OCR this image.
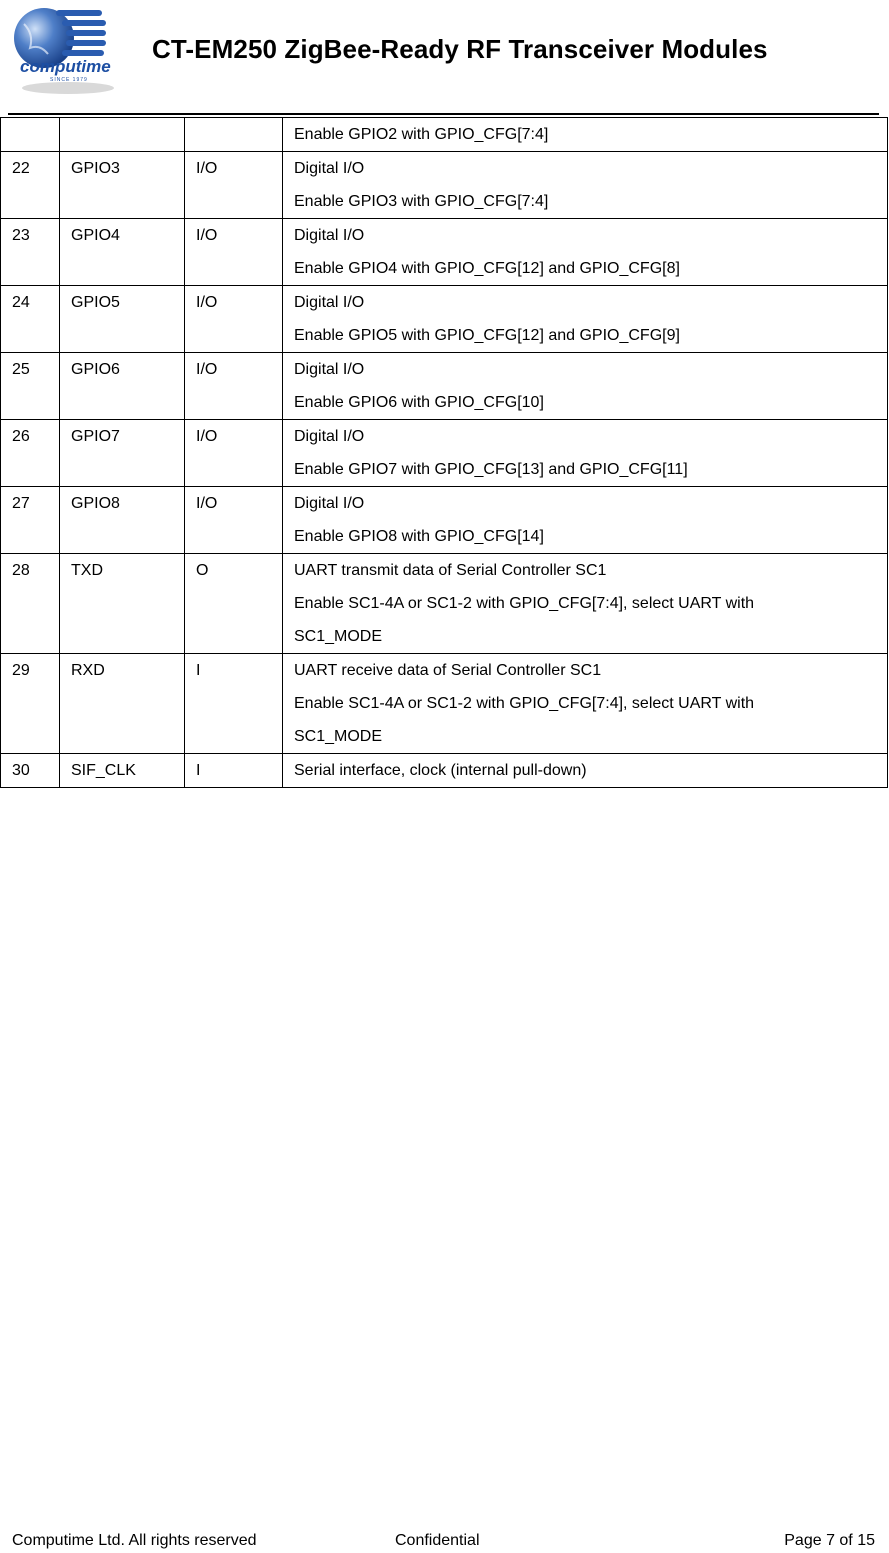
computime
SINCE 1979
CT-EM250 ZigBee-Ready RF Transceiver Modules

			Enable GPIO2 with GPIO_CFG[7:4]

22	GPIO3	I/O	Digital I/O
Enable GPIO3 with GPIO_CFG[7:4]

23	GPIO4	I/O	Digital I/O
Enable GPIO4 with GPIO_CFG[12] and GPIO_CFG[8]

24	GPIO5	I/O	Digital I/O
Enable GPIO5 with GPIO_CFG[12] and GPIO_CFG[9]

25	GPIO6	I/O	Digital I/O
Enable GPIO6 with GPIO_CFG[10]

26	GPIO7	I/O	Digital I/O
Enable GPIO7 with GPIO_CFG[13] and GPIO_CFG[11]

27	GPIO8	I/O	Digital I/O
Enable GPIO8 with GPIO_CFG[14]

28	TXD	O	UART transmit data of Serial Controller SC1
Enable SC1-4A or SC1-2 with GPIO_CFG[7:4], select UART with
SC1_MODE

29	RXD	I	UART receive data of Serial Controller SC1
Enable SC1-4A or SC1-2 with GPIO_CFG[7:4], select UART with
SC1_MODE

30	SIF_CLK	I	Serial interface, clock (internal pull-down)
Computime Ltd. All rights reserved	Confidential	Page 7 of 15
